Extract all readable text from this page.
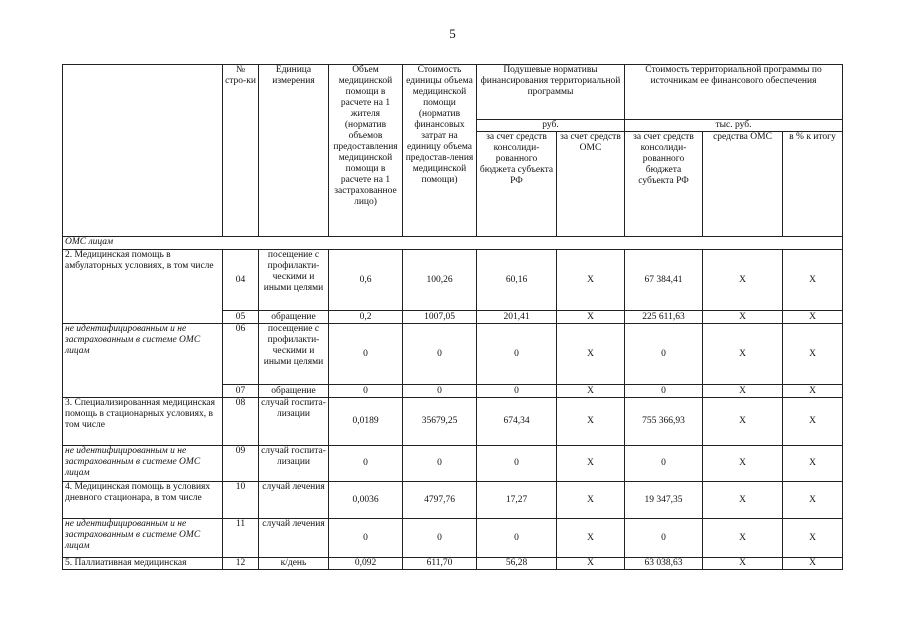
5
	№ стро-ки	Единица измерения	Объем медицинской помощи в расчете на 1 жителя (норматив объемов предоставления медицинской помощи в расчете на 1 застрахованное лицо)	Стоимость единицы объема медицинской помощи (норматив финансовых затрат на единицу объема предостав-ления медицинской помощи)	Подушевые нормативы финансирования территориальной программы		Стоимость территориальной программы по источникам ее финансового обеспечения		
					руб.		тыс. руб.		
					за счет средств консолиди-рованного бюджета субъекта РФ	за счет средств ОМС	за счет средств консолиди-рованного бюджета субъекта РФ	средства ОМС	в % к итогу
ОМС лицам									
2. Медицинская помощь в амбулаторных условиях, в том числе	04	посещение с профилакти-ческими и иными целями	0,6	100,26	60,16	Х	67 384,41	Х	Х
	05	обращение	0,2	1007,05	201,41	Х	225 611,63	Х	Х
не идентифицированным и не застрахованным в системе ОМС лицам	06	посещение с профилакти-ческими и иными целями	0	0	0	Х	0	Х	Х
	07	обращение	0	0	0	Х	0	Х	Х
3. Специализированная медицинская помощь в стационарных условиях, в том числе	08	случай госпита-лизации	0,0189	35679,25	674,34	Х	755 366,93	Х	Х
не идентифицированным и не застрахованным в системе ОМС лицам	09	случай госпита-лизации	0	0	0	Х	0	Х	Х
4. Медицинская помощь в условиях дневного стационара, в том числе	10	случай лечения	0,0036	4797,76	17,27	Х	19 347,35	Х	Х
не идентифицированным и не застрахованным в системе ОМС лицам	11	случай лечения	0	0	0	Х	0	Х	Х
5. Паллиативная медицинская	12	к/день	0,092	611,70	56,28	Х	63 038,63	Х	Х
